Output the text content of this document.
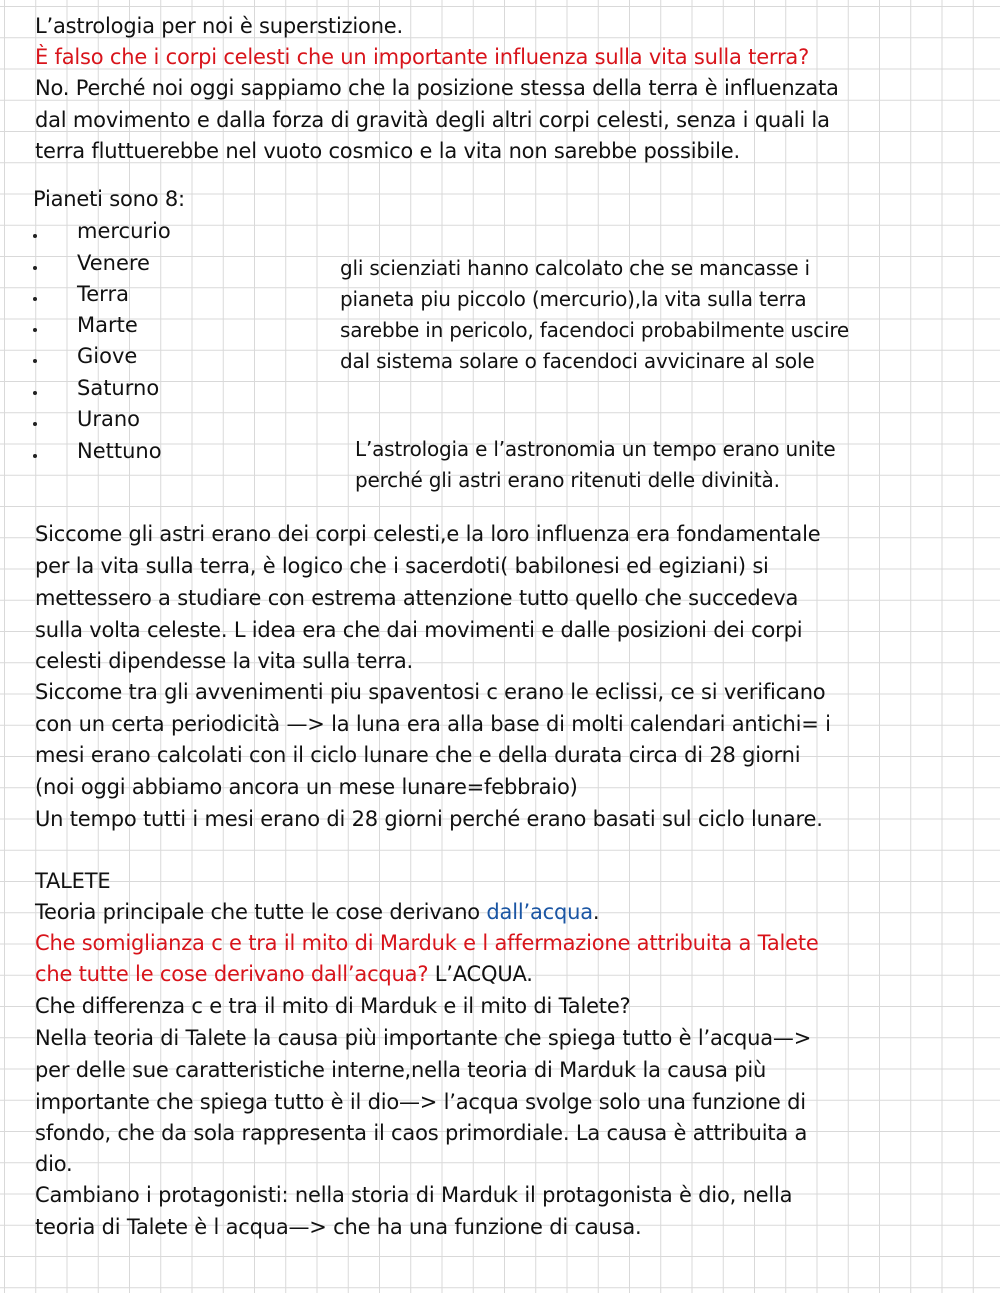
L’astrologia per noi è superstizione.
È falso che i corpi celesti che un importante influenza sulla vita sulla terra?
No. Perché noi oggi sappiamo che la posizione stessa della terra è influenzata
dal movimento e dalla forza di gravità degli altri corpi celesti, senza i quali la
terra fluttuerebbe nel vuoto cosmico e la vita non sarebbe possibile.
Pianeti sono 8:
mercurio
Venere
Terra
Marte
Giove
Saturno
Urano
Nettuno
gli scienziati hanno calcolato che se mancasse i
pianeta piu piccolo (mercurio),la vita sulla terra
sarebbe in pericolo, facendoci probabilmente uscire
dal sistema solare o facendoci avvicinare al sole
L’astrologia e l’astronomia un tempo erano unite
perché gli astri erano ritenuti delle divinità.
Siccome gli astri erano dei corpi celesti,e la loro influenza era fondamentale
per la vita sulla terra, è logico che i sacerdoti( babilonesi ed egiziani) si
mettessero a studiare con estrema attenzione tutto quello che succedeva
sulla volta celeste. L idea era che dai movimenti e dalle posizioni dei corpi
celesti dipendesse la vita sulla terra.
Siccome tra gli avvenimenti piu spaventosi c erano le eclissi, ce si verificano
con un certa periodicità —> la luna era alla base di molti calendari antichi= i
mesi erano calcolati con il ciclo lunare che e della durata circa di 28 giorni
(noi oggi abbiamo ancora un mese lunare=febbraio)
Un tempo tutti i mesi erano di 28 giorni perché erano basati sul ciclo lunare.
TALETE
Teoria principale che tutte le cose derivano dall’acqua.
Che somiglianza c e tra il mito di Marduk e l affermazione attribuita a Talete
che tutte le cose derivano dall’acqua? L’ACQUA.
Che differenza c e tra il mito di Marduk e il mito di Talete?
Nella teoria di Talete la causa più importante che spiega tutto è l’acqua—>
per delle sue caratteristiche interne,nella teoria di Marduk la causa più
importante che spiega tutto è il dio—> l’acqua svolge solo una funzione di
sfondo, che da sola rappresenta il caos primordiale. La causa è attribuita a
dio.
Cambiano i protagonisti: nella storia di Marduk il protagonista è dio, nella
teoria di Talete è l acqua—> che ha una funzione di causa.
